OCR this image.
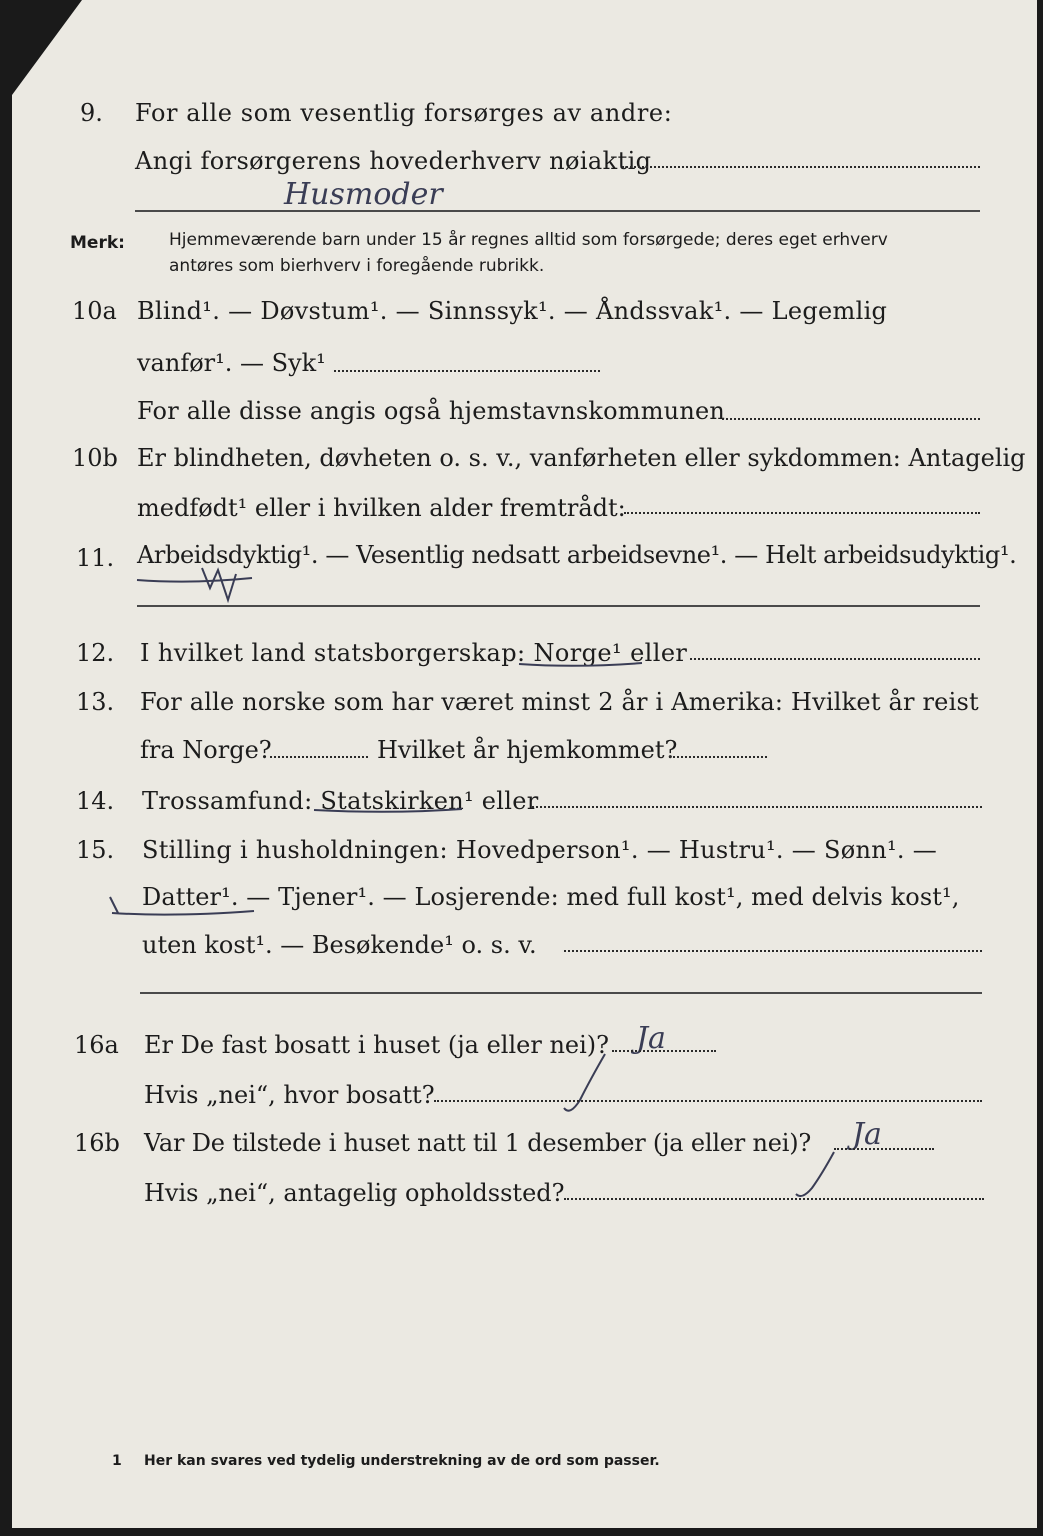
9. For alle som vesentlig forsørges av andre:
Angi forsørgerens hovederhverv nøiaktig
Husmoder
Merk:	Hjemmeværende barn under 15 år regnes alltid som forsørgede; deres eget erhverv
antøres som bierhverv i foregående rubrikk.
10a Blind¹. — Døvstum¹. — Sinnssyk¹. — Åndssvak¹. — Legemlig
vanfør¹. — Syk¹
For alle disse angis også hjemstavnskommunen
10b Er blindheten, døvheten o. s. v., vanførheten eller sykdommen: Antagelig
medfødt¹ eller i hvilken alder fremtrådt:
11. Arbeidsdyktig¹. — Vesentlig nedsatt arbeidsevne¹. — Helt arbeidsudyktig¹.
12. I hvilket land statsborgerskap: Norge¹ eller
13. For alle norske som har været minst 2 år i Amerika: Hvilket år reist
fra Norge?	Hvilket år hjemkommet?
14. Trossamfund: Statskirken¹ eller
15. Stilling i husholdningen: Hovedperson¹. — Hustru¹. — Sønn¹. —
Datter¹. — Tjener¹. — Losjerende: med full kost¹, med delvis kost¹,
uten kost¹. — Besøkende¹ o. s. v.
16a Er De fast bosatt i huset (ja eller nei)? Ja
Hvis „nei“, hvor bosatt?
16b Var De tilstede i huset natt til 1 desember (ja eller nei)? Ja
Hvis „nei“, antagelig opholdssted?
1 Her kan svares ved tydelig understrekning av de ord som passer.
